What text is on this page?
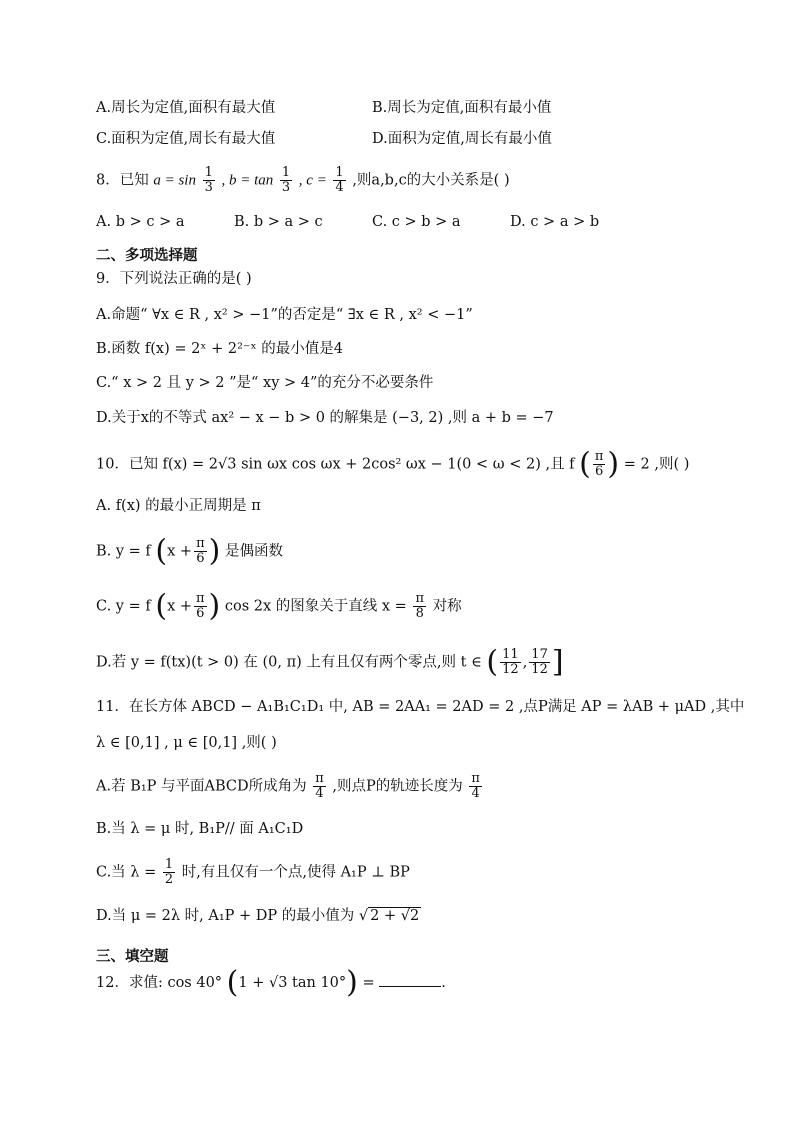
A.周长为定值,面积有最大值	B.周长为定值,面积有最小值
C.面积为定值,周长有最大值	D.面积为定值,周长有最小值
8．已知 $a = \sin \frac{1}{3}$ , $b = \tan \frac{1}{3}$ , $c = \frac{1}{4}$ ,则a,b,c的大小关系是( )
A. b > c > a	B. b > a > c	C. c > b > a	D. c > a > b
二、多项选择题
9．下列说法正确的是( )
A.命题“ ∀x ∈ R , x² > −1”的否定是“ ∃x ∈ R , x² < −1”
B.函数 f(x) = 2ˣ + 2²⁻ˣ 的最小值是4
C.“ x > 2 且 y > 2 ”是“ xy > 4”的充分不必要条件
D.关于x的不等式 ax² − x − b > 0 的解集是 (−3, 2) ,则 a + b = −7
10．已知 f(x) = 2√3 sin ωx cos ωx + 2cos² ωx − 1(0 < ω < 2) ,且 f ( $\frac{\pi}{6}$ ) = 2 ,则( )
A. f(x) 的最小正周期是 π
B. y = f ($x + \frac{\pi}{6}$ ) 是偶函数
C. y = f ($x + \frac{\pi}{6}$ ) cos 2x 的图象关于直线 $x = \frac{\pi}{8}$ 对称
D.若 y = f(tx)(t > 0) 在 (0, π) 上有且仅有两个零点,则 t ∈ ( $\frac{11}{12}$ , $\frac{17}{12}$ ]
11．在长方体 ABCD − A₁B₁C₁D₁ 中, AB = 2AA₁ = 2AD = 2 ,点P满足 AP = λAB + μAD ,其中
λ ∈ [0,1] , μ ∈ [0,1] ,则( )
A.若 B₁P 与平面ABCD所成角为 $\frac{\pi}{4}$ ,则点P的轨迹长度为 $\frac{\pi}{4}$
B.当 λ = μ 时, B₁P// 面 A₁C₁D
C.当 $\lambda = \frac{1}{2}$ 时,有且仅有一个点,使得 A₁P ⊥ BP
D.当 μ = 2λ 时, A₁P + DP 的最小值为 √ 2 + √2
三、填空题
12．求值: cos 40° (1 + √3 tan 10°) =	.
